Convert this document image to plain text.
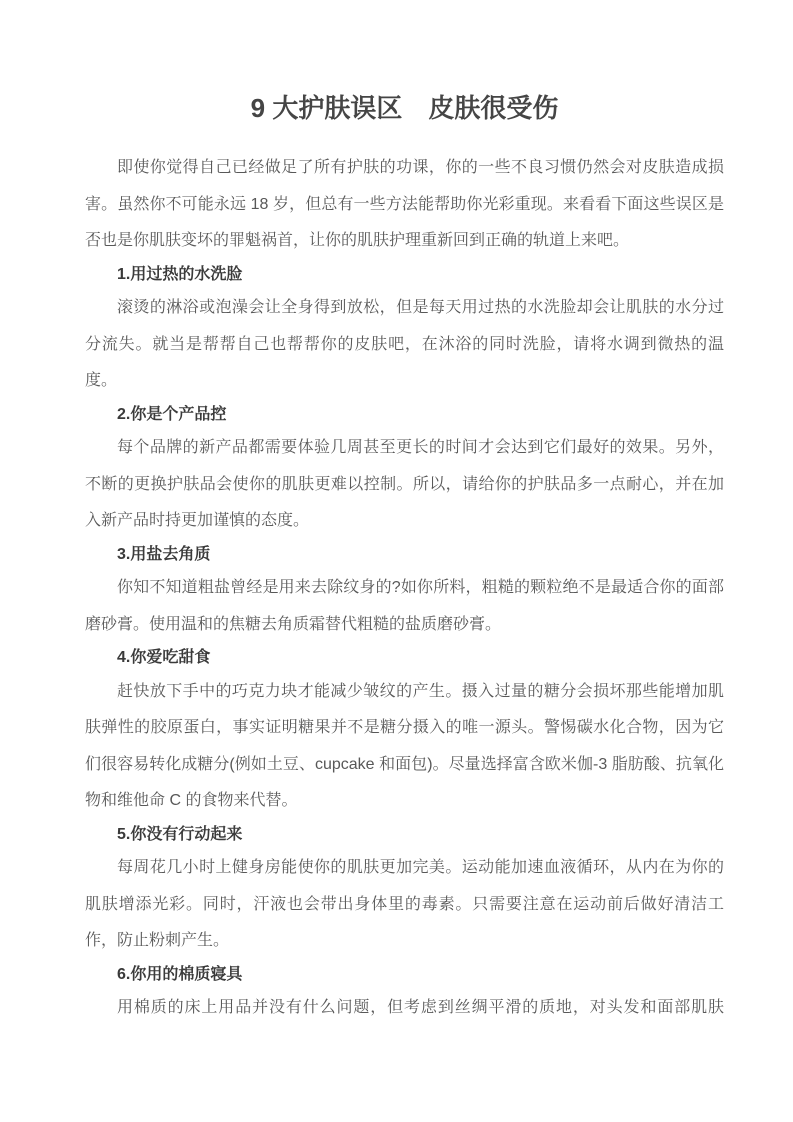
9 大护肤误区　皮肤很受伤

即使你觉得自己已经做足了所有护肤的功课，你的一些不良习惯仍然会对皮肤造成损害。虽然你不可能永远 18 岁，但总有一些方法能帮助你光彩重现。来看看下面这些误区是否也是你肌肤变坏的罪魁祸首，让你的肌肤护理重新回到正确的轨道上来吧。

1.用过热的水洗脸

滚烫的淋浴或泡澡会让全身得到放松，但是每天用过热的水洗脸却会让肌肤的水分过分流失。就当是帮帮自己也帮帮你的皮肤吧，在沐浴的同时洗脸，请将水调到微热的温度。

2.你是个产品控

每个品牌的新产品都需要体验几周甚至更长的时间才会达到它们最好的效果。另外，不断的更换护肤品会使你的肌肤更难以控制。所以，请给你的护肤品多一点耐心，并在加入新产品时持更加谨慎的态度。

3.用盐去角质

你知不知道粗盐曾经是用来去除纹身的?如你所料，粗糙的颗粒绝不是最适合你的面部磨砂膏。使用温和的焦糖去角质霜替代粗糙的盐质磨砂膏。

4.你爱吃甜食

赶快放下手中的巧克力块才能减少皱纹的产生。摄入过量的糖分会损坏那些能增加肌肤弹性的胶原蛋白，事实证明糖果并不是糖分摄入的唯一源头。警惕碳水化合物，因为它们很容易转化成糖分(例如土豆、cupcake 和面包)。尽量选择富含欧米伽-3 脂肪酸、抗氧化物和维他命 C 的食物来代替。

5.你没有行动起来

每周花几小时上健身房能使你的肌肤更加完美。运动能加速血液循环，从内在为你的肌肤增添光彩。同时，汗液也会带出身体里的毒素。只需要注意在运动前后做好清洁工作，防止粉刺产生。

6.你用的棉质寝具

用棉质的床上用品并没有什么问题，但考虑到丝绸平滑的质地，对头发和面部肌肤
